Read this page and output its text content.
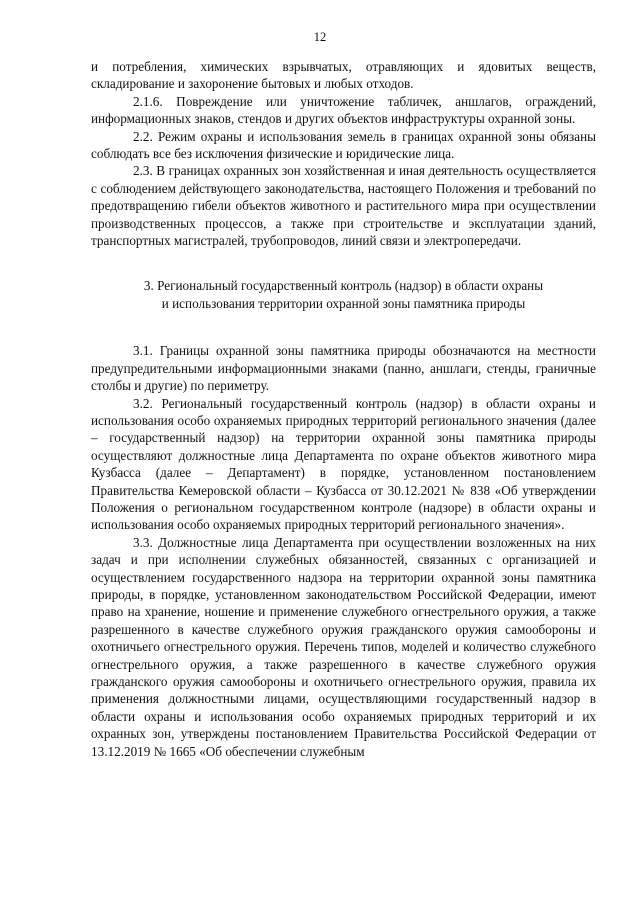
12

и потребления, химических взрывчатых, отравляющих и ядовитых веществ, складирование и захоронение бытовых и любых отходов.

2.1.6. Повреждение или уничтожение табличек, аншлагов, ограждений, информационных знаков, стендов и других объектов инфраструктуры охранной зоны.

2.2. Режим охраны и использования земель в границах охранной зоны обязаны соблюдать все без исключения физические и юридические лица.

2.3. В границах охранных зон хозяйственная и иная деятельность осуществляется с соблюдением действующего законодательства, настоящего Положения и требований по предотвращению гибели объектов животного и растительного мира при осуществлении производственных процессов, а также при строительстве и эксплуатации зданий, транспортных магистралей, трубопроводов, линий связи и электропередачи.

3. Региональный государственный контроль (надзор) в области охраны
и использования территории охранной зоны памятника природы

3.1. Границы охранной зоны памятника природы обозначаются на местности предупредительными информационными знаками (панно, аншлаги, стенды, граничные столбы и другие) по периметру.

3.2. Региональный государственный контроль (надзор) в области охраны и использования особо охраняемых природных территорий регионального значения (далее – государственный надзор) на территории охранной зоны памятника природы осуществляют должностные лица Департамента по охране объектов животного мира Кузбасса (далее – Департамент) в порядке, установленном постановлением Правительства Кемеровской области – Кузбасса от 30.12.2021 № 838 «Об утверждении Положения о региональном государственном контроле (надзоре) в области охраны и использования особо охраняемых природных территорий регионального значения».

3.3. Должностные лица Департамента при осуществлении возложенных на них задач и при исполнении служебных обязанностей, связанных с организацией и осуществлением государственного надзора на территории охранной зоны памятника природы, в порядке, установленном законодательством Российской Федерации, имеют право на хранение, ношение и применение служебного огнестрельного оружия, а также разрешенного в качестве служебного оружия гражданского оружия самообороны и охотничьего огнестрельного оружия. Перечень типов, моделей и количество служебного огнестрельного оружия, а также разрешенного в качестве служебного оружия гражданского оружия самообороны и охотничьего огнестрельного оружия, правила их применения должностными лицами, осуществляющими государственный надзор в области охраны и использования особо охраняемых природных территорий и их охранных зон, утверждены постановлением Правительства Российской Федерации от 13.12.2019 № 1665 «Об обеспечении служебным
